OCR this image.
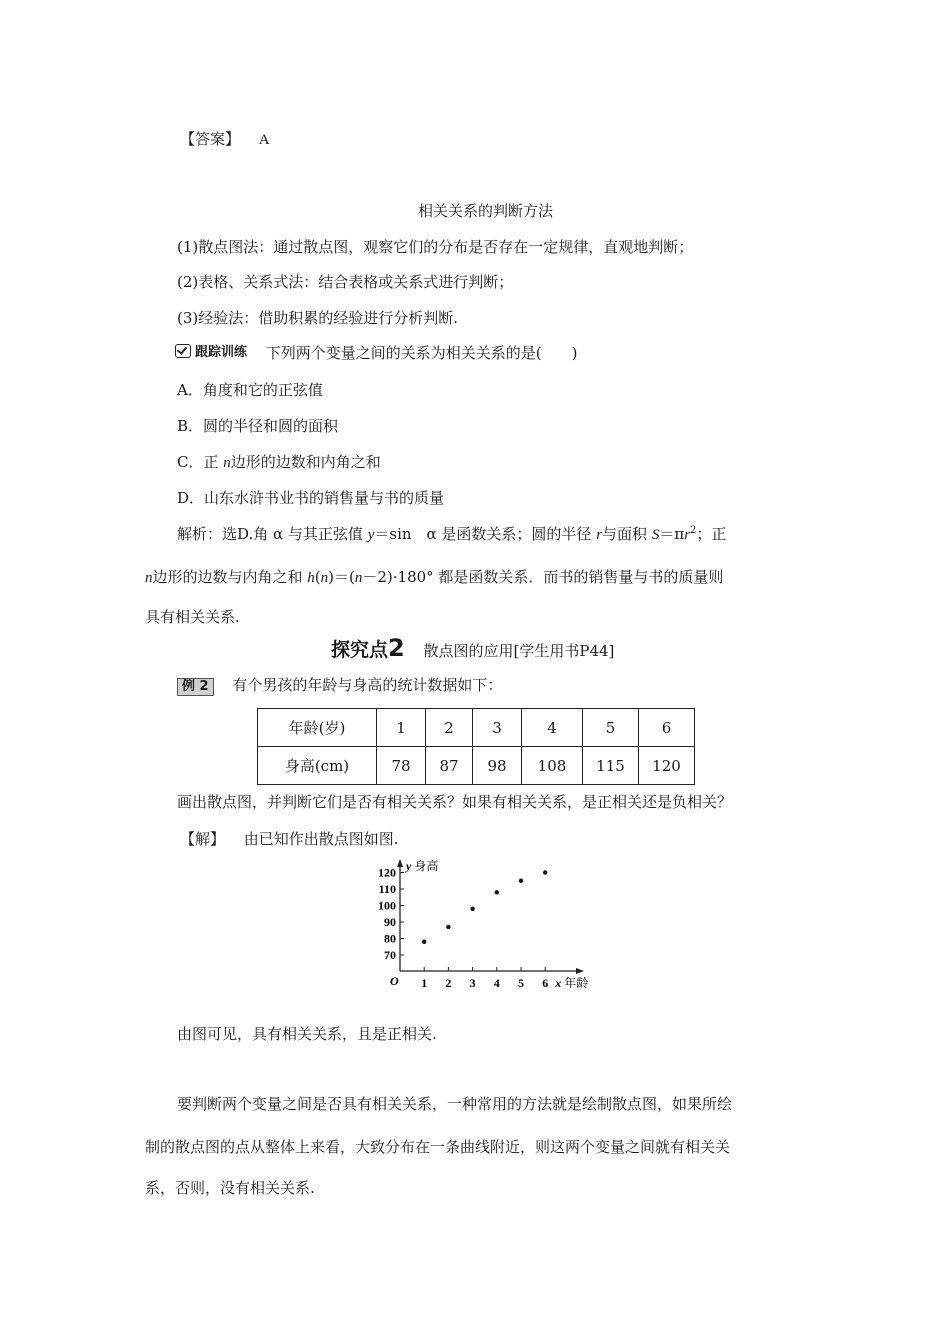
【答案】 A
相关关系的判断方法
(1)散点图法：通过散点图，观察它们的分布是否存在一定规律，直观地判断；
(2)表格、关系式法：结合表格或关系式进行判断；
(3)经验法：借助积累的经验进行分析判断.
跟踪训练 下列两个变量之间的关系为相关关系的是(　　)
A．角度和它的正弦值
B．圆的半径和圆的面积
C．正 n边形的边数和内角之和
D．山东水浒书业书的销售量与书的质量
解析：选D.角 α 与其正弦值 y＝sin　α 是函数关系；圆的半径 r与面积 $S=\pi r^2$；正
n边形的边数与内角之和 h(n)＝(n－2)·180° 都是函数关系．而书的销售量与书的质量则
具有相关关系.
探究点2 散点图的应用[学生用书P44]
例 2 有个男孩的年龄与身高的统计数据如下：
年龄(岁)	1	2	3	4	5	6
身高(cm)	78	87	98	108	115	120
画出散点图，并判断它们是否有相关关系？如果有相关关系，是正相关还是负相关？
【解】 由已知作出散点图如图.
1 2 3 4 5 6
70
80
90
100
110
120
O
y 身高
x 年龄
由图可见，具有相关关系，且是正相关.
要判断两个变量之间是否具有相关关系，一种常用的方法就是绘制散点图，如果所绘
制的散点图的点从整体上来看，大致分布在一条曲线附近，则这两个变量之间就有相关关
系，否则，没有相关关系.
